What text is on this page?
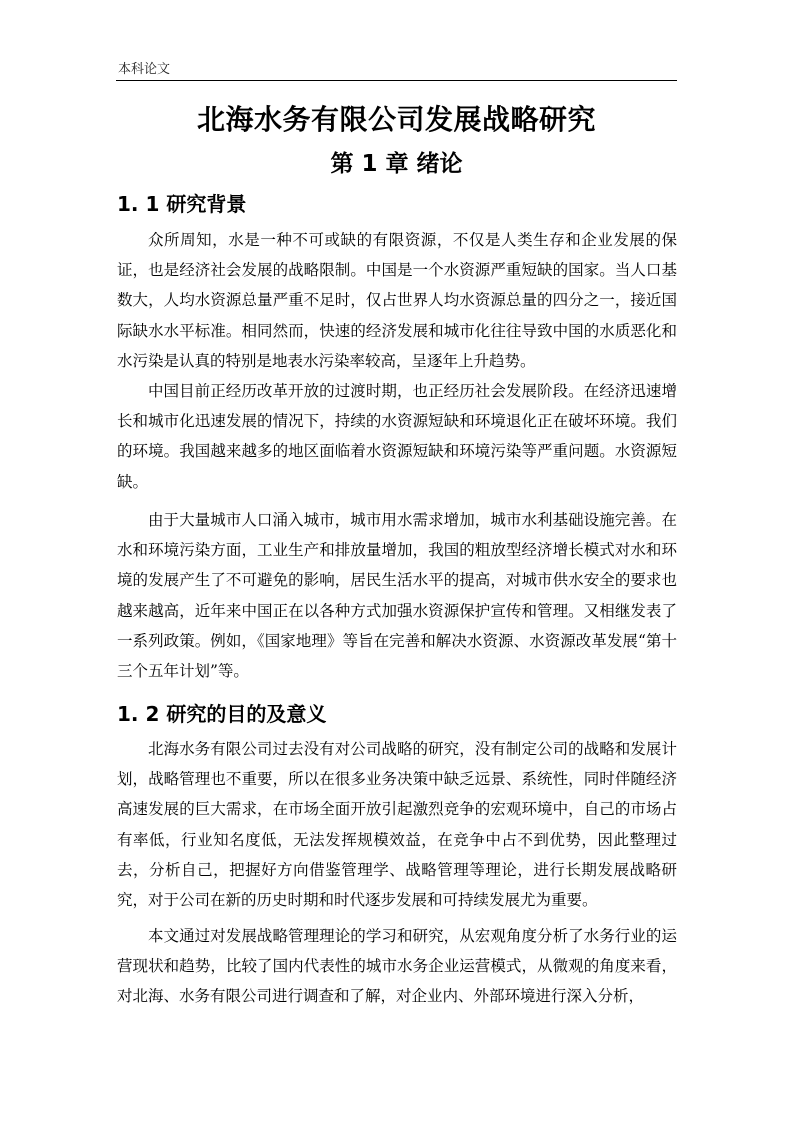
本科论文
北海水务有限公司发展战略研究
第 1 章 绪论
1. 1 研究背景

众所周知，水是一种不可或缺的有限资源，不仅是人类生存和企业发展的保证，也是经济社会发展的战略限制。中国是一个水资源严重短缺的国家。当人口基数大，人均水资源总量严重不足时，仅占世界人均水资源总量的四分之一，接近国际缺水水平标准。相同然而，快速的经济发展和城市化往往导致中国的水质恶化和水污染是认真的特别是地表水污染率较高，呈逐年上升趋势。

中国目前正经历改革开放的过渡时期，也正经历社会发展阶段。在经济迅速增长和城市化迅速发展的情况下，持续的水资源短缺和环境退化正在破坏环境。我们的环境。我国越来越多的地区面临着水资源短缺和环境污染等严重问题。水资源短缺。

由于大量城市人口涌入城市，城市用水需求增加，城市水利基础设施完善。在水和环境污染方面，工业生产和排放量增加，我国的粗放型经济增长模式对水和环境的发展产生了不可避免的影响，居民生活水平的提高，对城市供水安全的要求也越来越高，近年来中国正在以各种方式加强水资源保护宣传和管理。又相继发表了一系列政策。例如，《国家地理》等旨在完善和解决水资源、水资源改革发展“第十三个五年计划”等。

1. 2 研究的目的及意义

北海水务有限公司过去没有对公司战略的研究，没有制定公司的战略和发展计划，战略管理也不重要，所以在很多业务决策中缺乏远景、系统性，同时伴随经济高速发展的巨大需求，在市场全面开放引起激烈竞争的宏观环境中，自己的市场占有率低，行业知名度低，无法发挥规模效益，在竞争中占不到优势，因此整理过去，分析自己，把握好方向借鉴管理学、战略管理等理论，进行长期发展战略研究，对于公司在新的历史时期和时代逐步发展和可持续发展尤为重要。

本文通过对发展战略管理理论的学习和研究，从宏观角度分析了水务行业的运营现状和趋势，比较了国内代表性的城市水务企业运营模式，从微观的角度来看，对北海、水务有限公司进行调查和了解，对企业内、外部环境进行深入分析，
